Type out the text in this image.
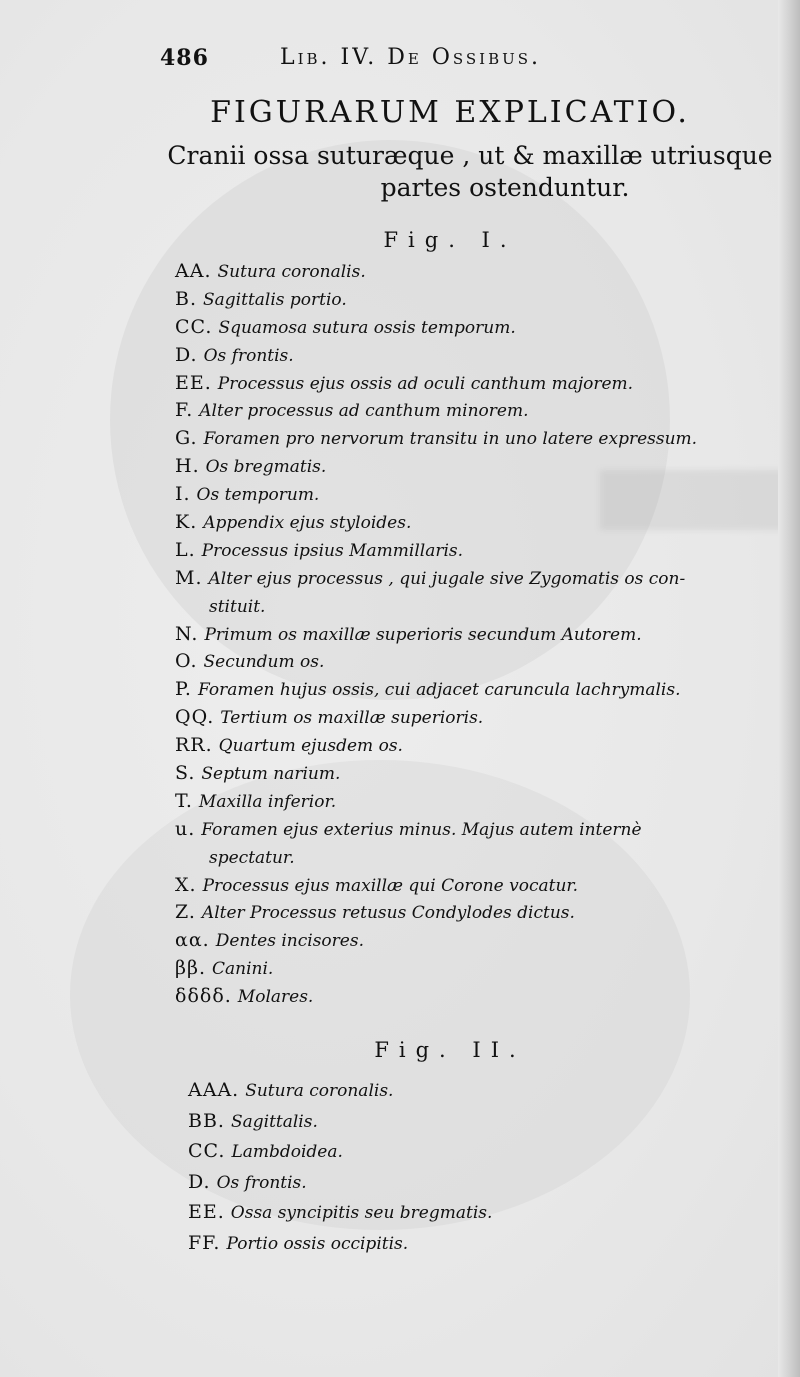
486	Lib. IV. De Ossibus.
FIGURARUM EXPLICATIO.
Cranii ossa suturæque , ut & maxillæ utriusque
partes ostenduntur.
Fig. I.
AA. Sutura coronalis.
B. Sagittalis portio.
CC. Squamosa sutura ossis temporum.
D. Os frontis.
EE. Processus ejus ossis ad oculi canthum majorem.
F. Alter processus ad canthum minorem.
G. Foramen pro nervorum transitu in uno latere expressum.
H. Os bregmatis.
I. Os temporum.
K. Appendix ejus styloides.
L. Processus ipsius Mammillaris.
M. Alter ejus processus , qui jugale sive Zygomatis os con-
stituit.
N. Primum os maxillæ superioris secundum Autorem.
O. Secundum os.
P. Foramen hujus ossis, cui adjacet caruncula lachrymalis.
QQ. Tertium os maxillæ superioris.
RR. Quartum ejusdem os.
S. Septum narium.
T. Maxilla inferior.
u. Foramen ejus exterius minus. Majus autem internè
spectatur.
X. Processus ejus maxillæ qui Corone vocatur.
Z. Alter Processus retusus Condylodes dictus.
αα. Dentes incisores.
ββ. Canini.
δδδδ. Molares.
Fig. II.
AAA. Sutura coronalis.
BB. Sagittalis.
CC. Lambdoidea.
D. Os frontis.
EE. Ossa syncipitis seu bregmatis.
FF. Portio ossis occipitis.
